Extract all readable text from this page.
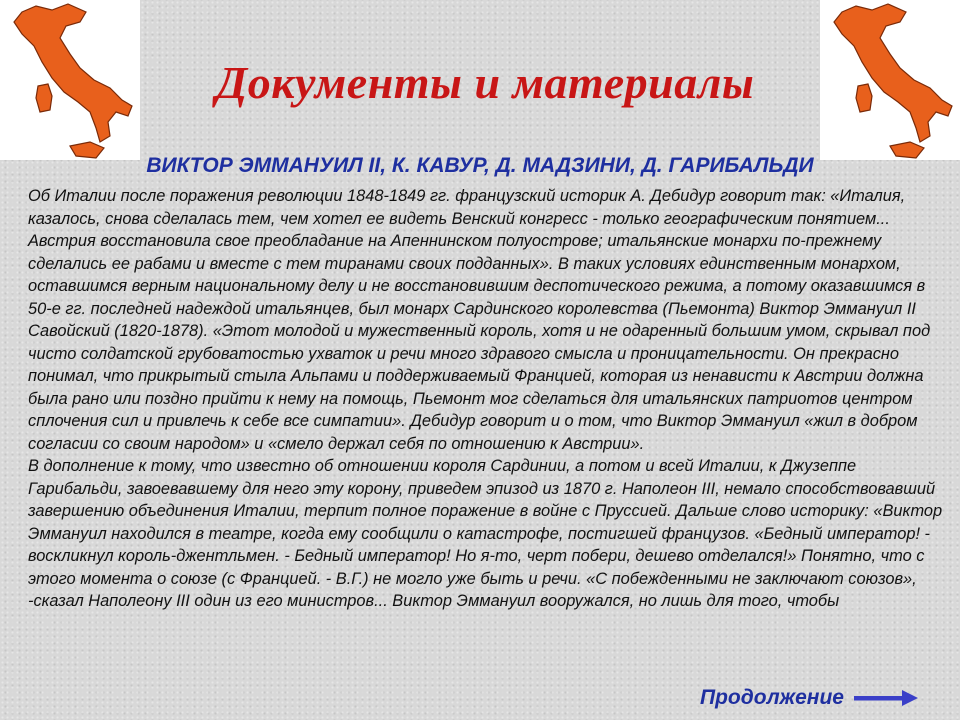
Документы и материалы
ВИКТОР ЭММАНУИЛ II, К. КАВУР, Д. МАДЗИНИ, Д. ГАРИБАЛЬДИ

Об Италии после поражения революции 1848-1849 гг. французский историк А. Дебидур говорит так: «Италия, казалось, снова сделалась тем, чем хотел ее видеть Венский конгресс - только географическим понятием... Австрия восстановила свое преобладание на Апеннинском полуострове; итальянские монархи по-прежнему сделались ее рабами и вместе с тем тиранами своих подданных». В таких условиях единственным монархом, оставшимся верным национальному делу и не восстановившим деспотического режима, а потому оказавшимся в 50-е гг. последней надеждой итальянцев, был монарх Сардинского королевства (Пьемонта) Виктор Эммануил II Савойский (1820-1878). «Этот молодой и мужественный король, хотя и не одаренный большим умом, скрывал под чисто солдатской грубоватостью ухваток и речи много здравого смысла и проницательности. Он прекрасно понимал, что прикрытый стыла Альпами и поддерживаемый Францией, которая из ненависти к Австрии должна была рано или поздно прийти к нему на помощь, Пьемонт мог сделаться для итальянских патриотов центром сплочения сил и привлечь к себе все симпатии». Дебидур говорит и о том, что Виктор Эммануил «жил в добром согласии со своим народом» и «смело держал себя по отношению к Австрии».

В дополнение к тому, что известно об отношении короля Сардинии, а потом и всей Италии, к Джузеппе Гарибальди, завоевавшему для него эту корону, приведем эпизод из 1870 г. Наполеон III, немало способствовавший завершению объединения Италии, терпит полное поражение в войне с Пруссией. Дальше слово историку: «Виктор Эммануил находился в театре, когда ему сообщили о катастрофе, постигшей французов. «Бедный император! - воскликнул король-джентльмен. - Бедный император! Но я-то, черт побери, дешево отделался!» Понятно, что с этого момента о союзе (с Францией. - В.Г.) не могло уже быть и речи. «С побежденными не заключают союзов», -сказал Наполеону III один из его министров... Виктор Эммануил вооружался, но лишь для того, чтобы

Продолжение
